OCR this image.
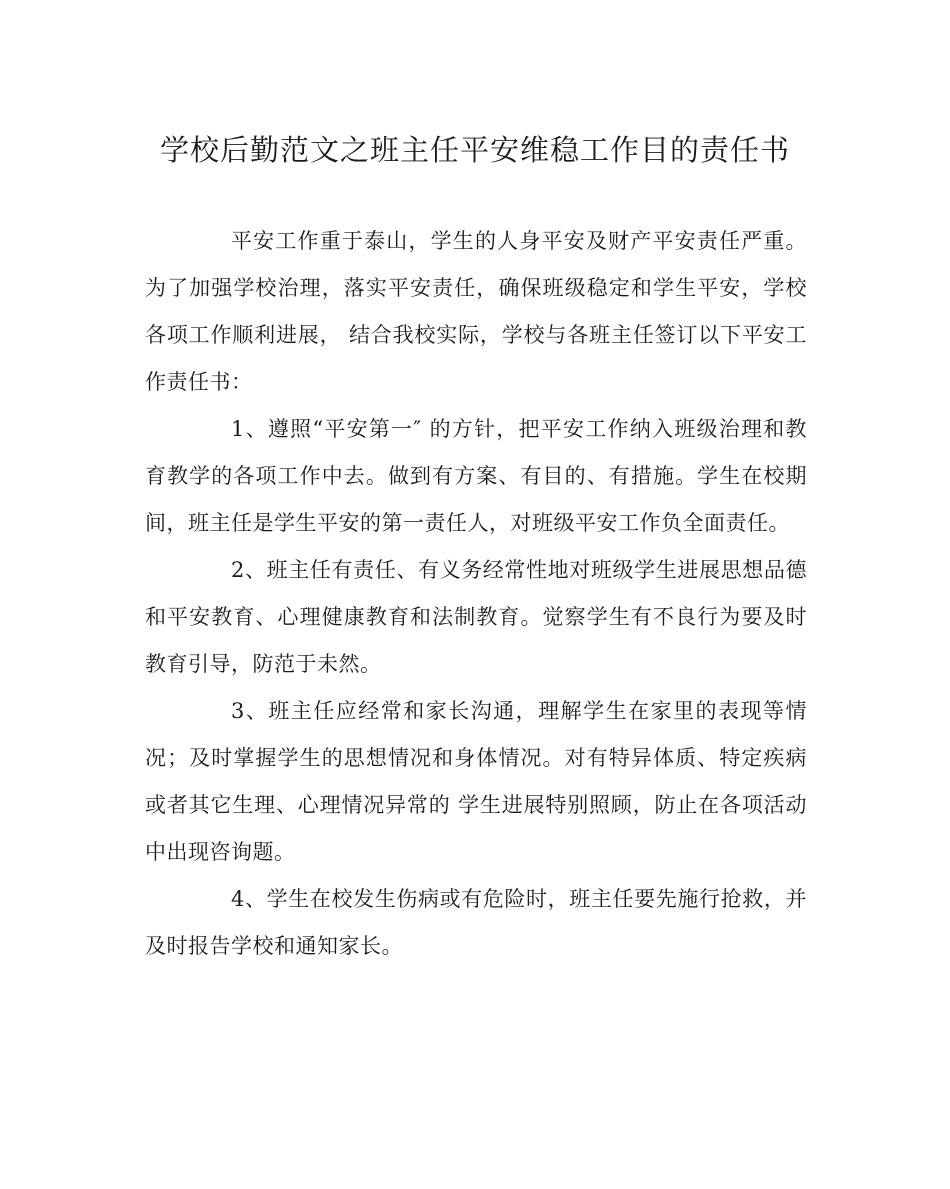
学校后勤范文之班主任平安维稳工作目的责任书

平安工作重于泰山，学生的人身平安及财产平安责任严重。为了加强学校治理，落实平安责任，确保班级稳定和学生平安，学校各项工作顺利进展， 结合我校实际，学校与各班主任签订以下平安工作责任书：

1、遵照“平安第一″ 的方针，把平安工作纳入班级治理和教育教学的各项工作中去。做到有方案、有目的、有措施。学生在校期间，班主任是学生平安的第一责任人，对班级平安工作负全面责任。

2、班主任有责任、有义务经常性地对班级学生进展思想品德和平安教育、心理健康教育和法制教育。觉察学生有不良行为要及时教育引导，防范于未然。

3、班主任应经常和家长沟通，理解学生在家里的表现等情况；及时掌握学生的思想情况和身体情况。对有特异体质、特定疾病或者其它生理、心理情况异常的 学生进展特别照顾，防止在各项活动中出现咨询题。

4、学生在校发生伤病或有危险时，班主任要先施行抢救，并及时报告学校和通知家长。
